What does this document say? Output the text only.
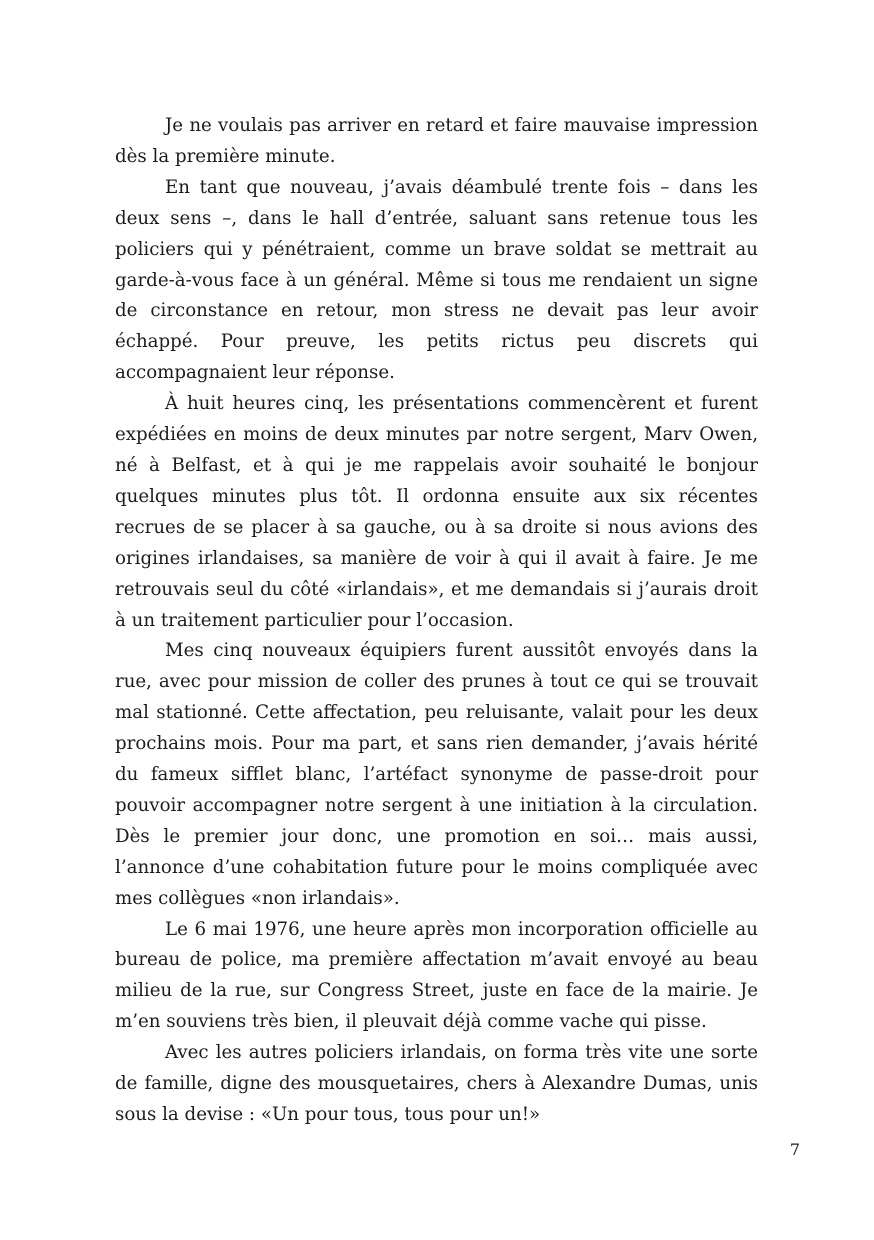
Je ne voulais pas arriver en retard et faire mauvaise impression dès la première minute.

En tant que nouveau, j’avais déambulé trente fois – dans les deux sens –, dans le hall d’entrée, saluant sans retenue tous les policiers qui y pénétraient, comme un brave soldat se mettrait au garde-à-vous face à un général. Même si tous me rendaient un signe de circonstance en retour, mon stress ne devait pas leur avoir échappé. Pour preuve, les petits rictus peu discrets qui accompagnaient leur réponse.

À huit heures cinq, les présentations commencèrent et furent expédiées en moins de deux minutes par notre sergent, Marv Owen, né à Belfast, et à qui je me rappelais avoir souhaité le bonjour quelques minutes plus tôt. Il ordonna ensuite aux six récentes recrues de se placer à sa gauche, ou à sa droite si nous avions des origines irlandaises, sa manière de voir à qui il avait à faire. Je me retrouvais seul du côté «irlandais», et me demandais si j’aurais droit à un traitement particulier pour l’occasion.

Mes cinq nouveaux équipiers furent aussitôt envoyés dans la rue, avec pour mission de coller des prunes à tout ce qui se trouvait mal stationné. Cette affectation, peu reluisante, valait pour les deux prochains mois. Pour ma part, et sans rien demander, j’avais hérité du fameux sifflet blanc, l’artéfact synonyme de passe-droit pour pouvoir accompagner notre sergent à une initiation à la circulation. Dès le premier jour donc, une promotion en soi… mais aussi, l’annonce d’une cohabitation future pour le moins compliquée avec mes collègues «non irlandais».

Le 6 mai 1976, une heure après mon incorporation officielle au bureau de police, ma première affectation m’avait envoyé au beau milieu de la rue, sur Congress Street, juste en face de la mairie. Je m’en souviens très bien, il pleuvait déjà comme vache qui pisse.

Avec les autres policiers irlandais, on forma très vite une sorte de famille, digne des mousquetaires, chers à Alexandre Dumas, unis sous la devise : «Un pour tous, tous pour un!»

7
